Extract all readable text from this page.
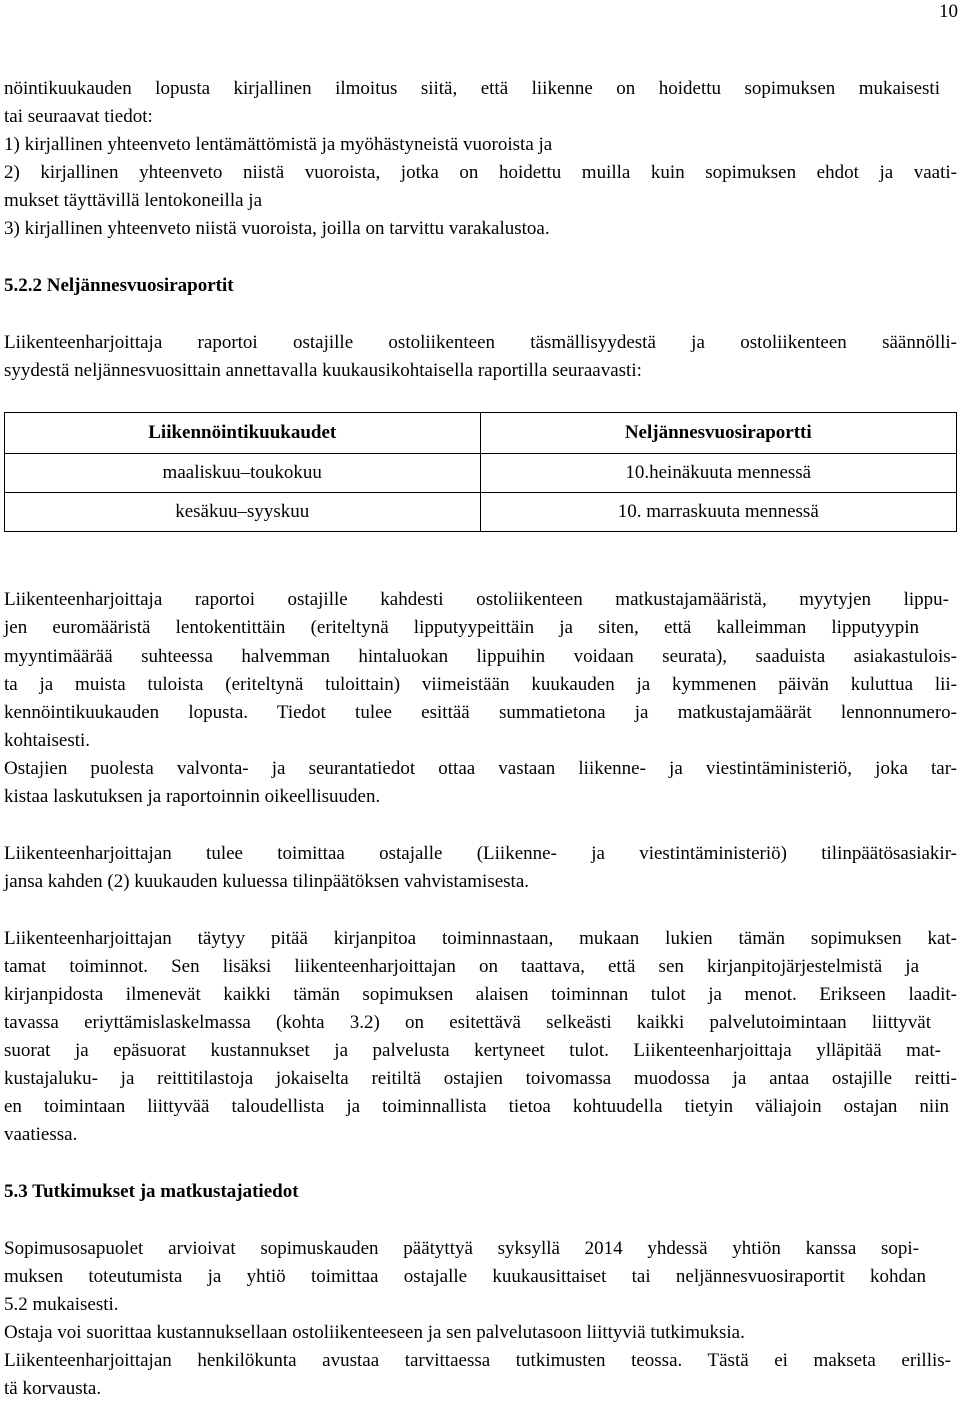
10
nöintikuukauden lopusta kirjallinen ilmoitus siitä, että liikenne on hoidettu sopimuksen mukaisesti
tai seuraavat tiedot:
1) kirjallinen yhteenveto lentämättömistä ja myöhästyneistä vuoroista ja
2) kirjallinen yhteenveto niistä vuoroista, jotka on hoidettu muilla kuin sopimuksen ehdot ja vaati-
mukset täyttävillä lentokoneilla ja
3) kirjallinen yhteenveto niistä vuoroista, joilla on tarvittu varakalustoa.
5.2.2 Neljännesvuosiraportit
Liikenteenharjoittaja raportoi ostajille ostoliikenteen täsmällisyydestä ja ostoliikenteen säännölli-
syydestä neljännesvuosittain annettavalla kuukausikohtaisella raportilla seuraavasti:
Liikennöintikuukaudet	Neljännesvuosiraportti
maaliskuu–toukokuu	10.heinäkuuta mennessä
kesäkuu–syyskuu	10. marraskuuta mennessä
Liikenteenharjoittaja raportoi ostajille kahdesti ostoliikenteen matkustajamääristä, myytyjen lippu-
jen euromääristä lentokentittäin (eriteltynä lipputyypeittäin ja siten, että kalleimman lipputyypin
myyntimäärää suhteessa halvemman hintaluokan lippuihin voidaan seurata), saaduista asiakastulois-
ta ja muista tuloista (eriteltynä tuloittain) viimeistään kuukauden ja kymmenen päivän kuluttua lii-
kennöintikuukauden lopusta. Tiedot tulee esittää summatietona ja matkustajamäärät lennonnumero-
kohtaisesti.
Ostajien puolesta valvonta- ja seurantatiedot ottaa vastaan liikenne- ja viestintäministeriö, joka tar-
kistaa laskutuksen ja raportoinnin oikeellisuuden.
Liikenteenharjoittajan tulee toimittaa ostajalle (Liikenne- ja viestintäministeriö) tilinpäätösasiakir-
jansa kahden (2) kuukauden kuluessa tilinpäätöksen vahvistamisesta.
Liikenteenharjoittajan täytyy pitää kirjanpitoa toiminnastaan, mukaan lukien tämän sopimuksen kat-
tamat toiminnot. Sen lisäksi liikenteenharjoittajan on taattava, että sen kirjanpitojärjestelmistä ja
kirjanpidosta ilmenevät kaikki tämän sopimuksen alaisen toiminnan tulot ja menot. Erikseen laadit-
tavassa eriyttämislaskelmassa (kohta 3.2) on esitettävä selkeästi kaikki palvelutoimintaan liittyvät
suorat ja epäsuorat kustannukset ja palvelusta kertyneet tulot. Liikenteenharjoittaja ylläpitää mat-
kustajaluku- ja reittitilastoja jokaiselta reitiltä ostajien toivomassa muodossa ja antaa ostajille reitti-
en toimintaan liittyvää taloudellista ja toiminnallista tietoa kohtuudella tietyin väliajoin ostajan niin
vaatiessa.
5.3 Tutkimukset ja matkustajatiedot
Sopimusosapuolet arvioivat sopimuskauden päätyttyä syksyllä 2014 yhdessä yhtiön kanssa sopi-
muksen toteutumista ja yhtiö toimittaa ostajalle kuukausittaiset tai neljännesvuosiraportit kohdan
5.2 mukaisesti.
Ostaja voi suorittaa kustannuksellaan ostoliikenteeseen ja sen palvelutasoon liittyviä tutkimuksia.
Liikenteenharjoittajan henkilökunta avustaa tarvittaessa tutkimusten teossa. Tästä ei makseta erillis-
tä korvausta.
